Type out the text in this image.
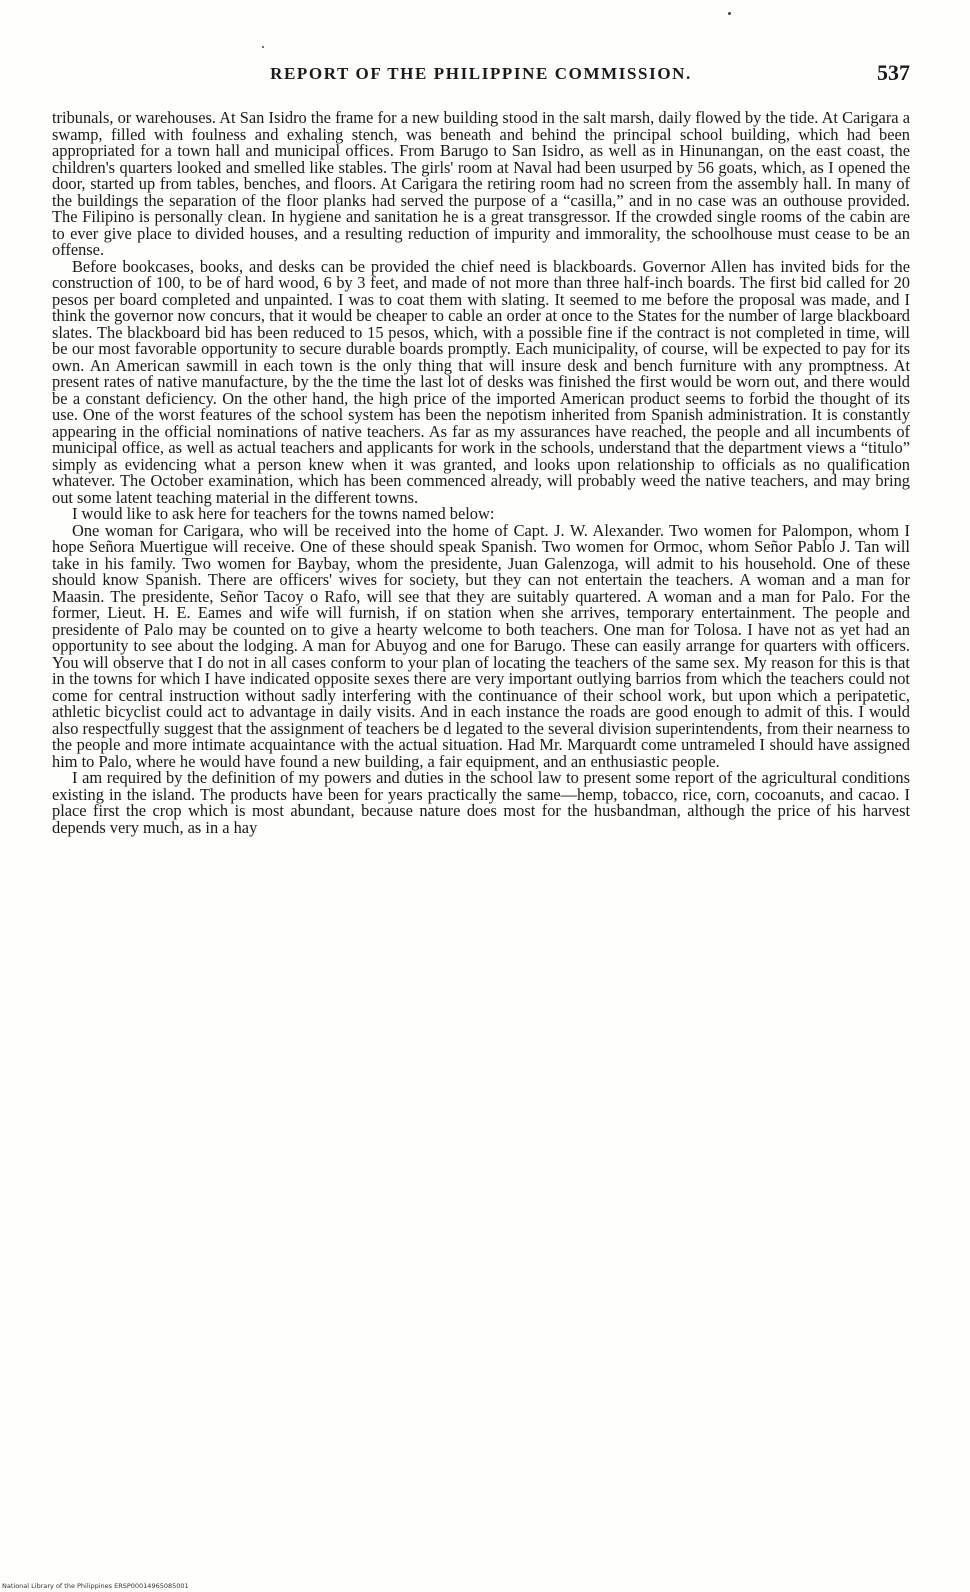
REPORT OF THE PHILIPPINE COMMISSION.	537

tribunals, or warehouses. At San Isidro the frame for a new building stood in the salt marsh, daily flowed by the tide. At Carigara a swamp, filled with foulness and exhaling stench, was beneath and behind the principal school building, which had been appropriated for a town hall and municipal offices. From Barugo to San Isidro, as well as in Hinunangan, on the east coast, the children's quarters looked and smelled like stables. The girls' room at Naval had been usurped by 56 goats, which, as I opened the door, started up from tables, benches, and floors. At Carigara the retiring room had no screen from the assembly hall. In many of the buildings the separation of the floor planks had served the purpose of a “casilla,” and in no case was an outhouse provided. The Filipino is personally clean. In hygiene and sanitation he is a great transgressor. If the crowded single rooms of the cabin are to ever give place to divided houses, and a resulting reduction of impurity and immorality, the schoolhouse must cease to be an offense.

Before bookcases, books, and desks can be provided the chief need is blackboards. Governor Allen has invited bids for the construction of 100, to be of hard wood, 6 by 3 feet, and made of not more than three half-inch boards. The first bid called for 20 pesos per board completed and unpainted. I was to coat them with slating. It seemed to me before the proposal was made, and I think the governor now concurs, that it would be cheaper to cable an order at once to the States for the number of large blackboard slates. The blackboard bid has been reduced to 15 pesos, which, with a possible fine if the contract is not completed in time, will be our most favorable opportunity to secure durable boards promptly. Each municipality, of course, will be expected to pay for its own. An American sawmill in each town is the only thing that will insure desk and bench furniture with any promptness. At present rates of native manufacture, by the the time the last lot of desks was finished the first would be worn out, and there would be a constant deficiency. On the other hand, the high price of the imported American product seems to forbid the thought of its use. One of the worst features of the school system has been the nepotism inherited from Spanish administration. It is constantly appearing in the official nominations of native teachers. As far as my assurances have reached, the people and all incumbents of municipal office, as well as actual teachers and applicants for work in the schools, understand that the department views a “titulo” simply as evidencing what a person knew when it was granted, and looks upon relationship to officials as no qualification whatever. The October examination, which has been commenced already, will probably weed the native teachers, and may bring out some latent teaching material in the different towns.

I would like to ask here for teachers for the towns named below:

One woman for Carigara, who will be received into the home of Capt. J. W. Alexander. Two women for Palompon, whom I hope Señora Muertigue will receive. One of these should speak Spanish. Two women for Ormoc, whom Señor Pablo J. Tan will take in his family. Two women for Baybay, whom the presidente, Juan Galenzoga, will admit to his household. One of these should know Spanish. There are officers' wives for society, but they can not entertain the teachers. A woman and a man for Maasin. The presidente, Señor Tacoy o Rafo, will see that they are suitably quartered. A woman and a man for Palo. For the former, Lieut. H. E. Eames and wife will furnish, if on station when she arrives, temporary entertainment. The people and presidente of Palo may be counted on to give a hearty welcome to both teachers. One man for Tolosa. I have not as yet had an opportunity to see about the lodging. A man for Abuyog and one for Barugo. These can easily arrange for quarters with officers. You will observe that I do not in all cases conform to your plan of locating the teachers of the same sex. My reason for this is that in the towns for which I have indicated opposite sexes there are very important outlying barrios from which the teachers could not come for central instruction without sadly interfering with the continuance of their school work, but upon which a peripatetic, athletic bicyclist could act to advantage in daily visits. And in each instance the roads are good enough to admit of this. I would also respectfully suggest that the assignment of teachers be d legated to the several division superintendents, from their nearness to the people and more intimate acquaintance with the actual situation. Had Mr. Marquardt come untrameled I should have assigned him to Palo, where he would have found a new building, a fair equipment, and an enthusiastic people.

I am required by the definition of my powers and duties in the school law to present some report of the agricultural conditions existing in the island. The products have been for years practically the same—hemp, tobacco, rice, corn, cocoanuts, and cacao. I place first the crop which is most abundant, because nature does most for the husbandman, although the price of his harvest depends very much, as in a hay

National Library of the Philippines ERSP00014965085001
